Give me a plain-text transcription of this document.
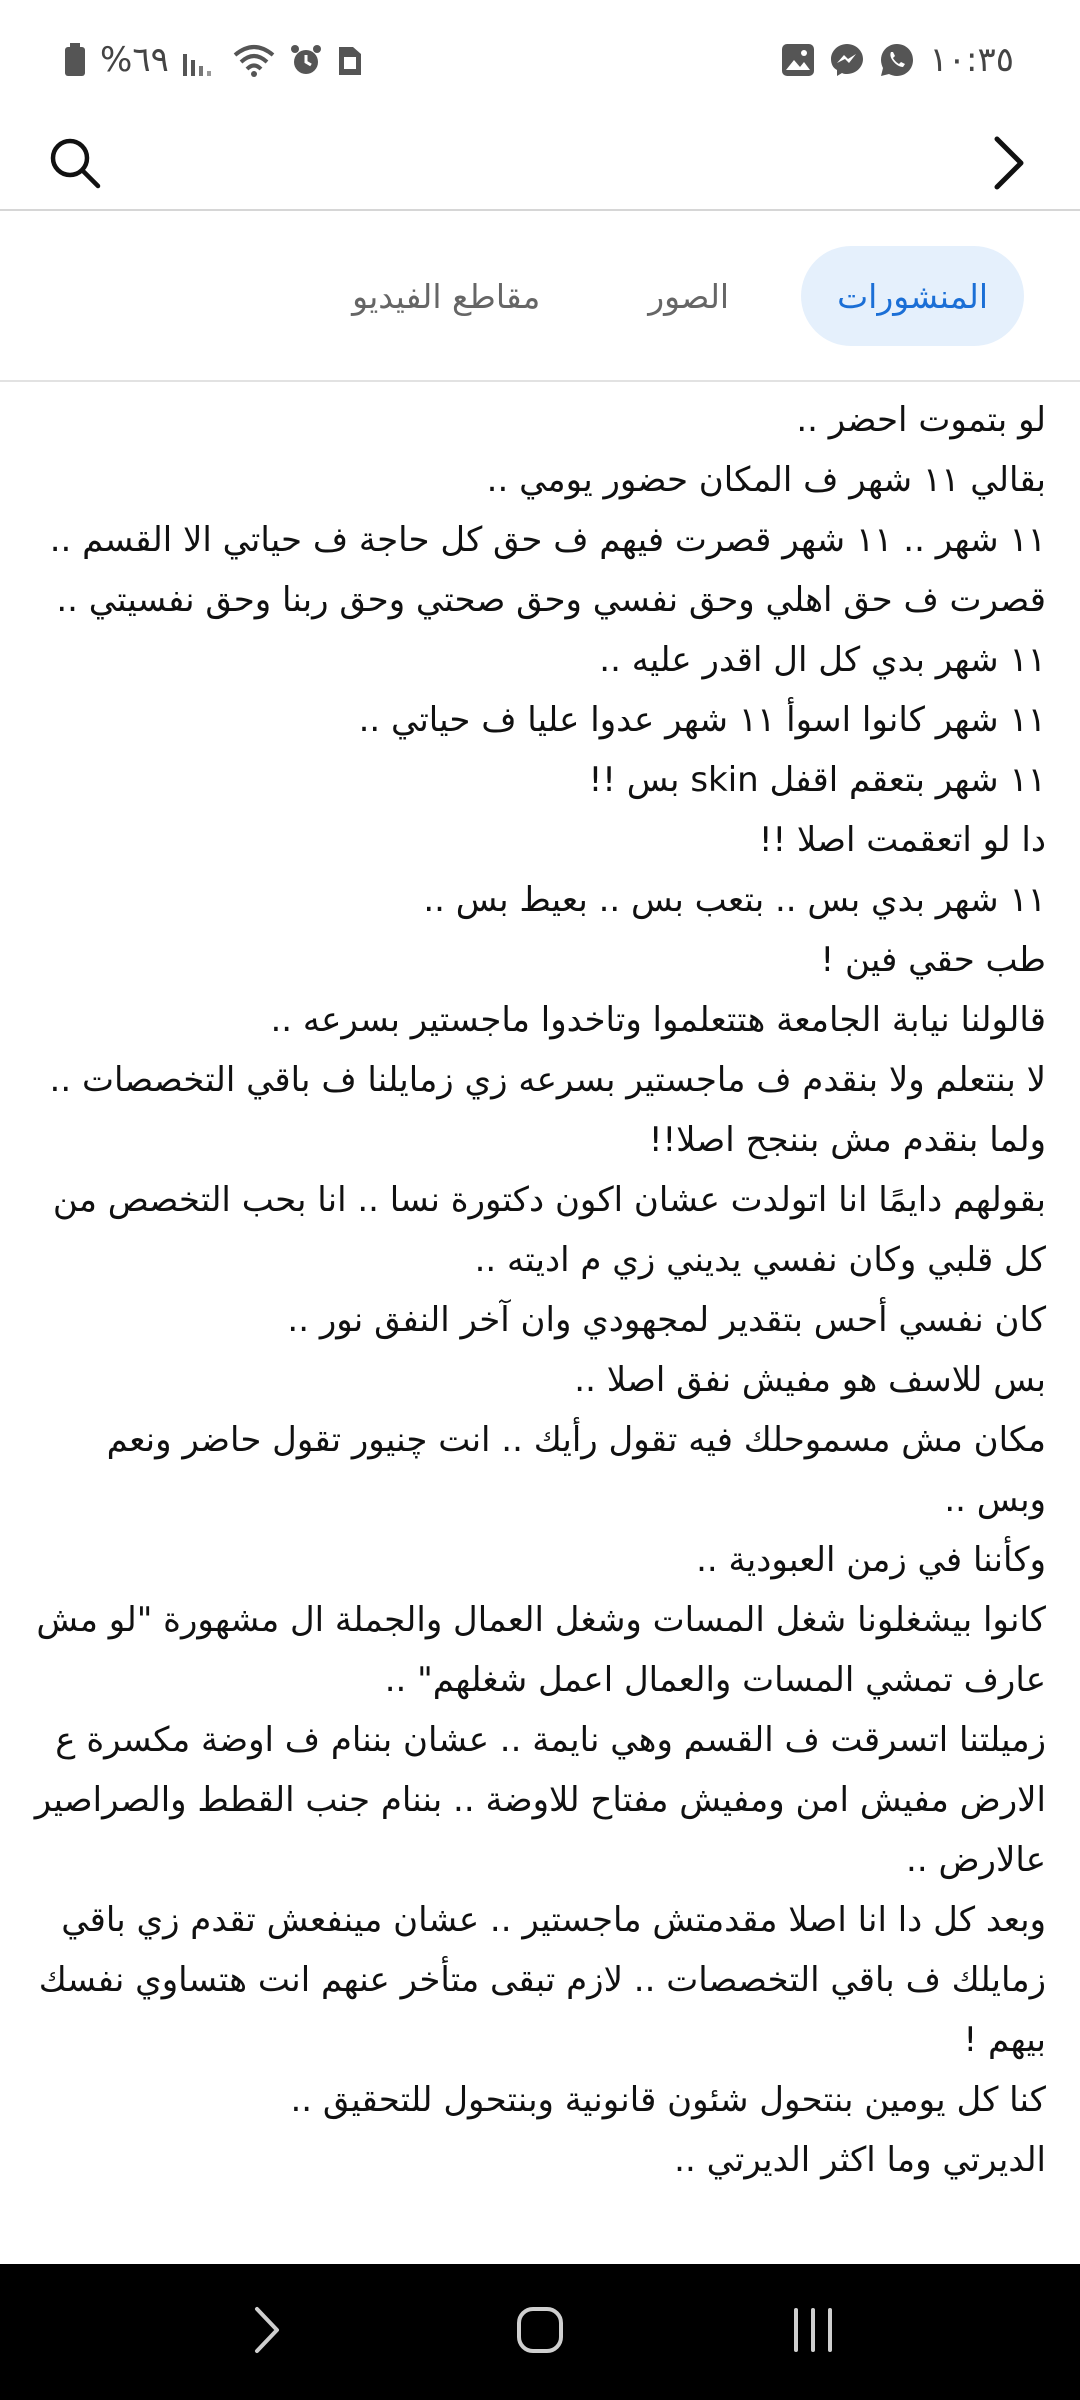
%٦٩	١٠:٣٥
المنشورات
الصور
مقاطع الفيديو
لو بتموت احضر ..
بقالي ١١ شهر ف المكان حضور يومي ..
١١ شهر .. ١١ شهر قصرت فيهم ف حق كل حاجة ف حياتي الا القسم .. قصرت ف حق اهلي وحق نفسي وحق صحتي وحق ربنا وحق نفسيتي ..
١١ شهر بدي كل ال اقدر عليه ..
١١ شهر كانوا اسوأ ١١ شهر عدوا عليا ف حياتي ..
١١ شهر بتعقم اقفل skin بس !!
دا لو اتعقمت اصلا !!
١١ شهر بدي بس .. بتعب بس .. بعيط بس ..
طب حقي فين !
قالولنا نيابة الجامعة هتتعلموا وتاخدوا ماجستير بسرعه ..
لا بنتعلم ولا بنقدم ف ماجستير بسرعه زي زمايلنا ف باقي التخصصات .. ولما بنقدم مش بننجح اصلا!!
بقولهم دايمًا انا اتولدت عشان اكون دكتورة نسا .. انا بحب التخصص من كل قلبي وكان نفسي يديني زي م اديته ..
كان نفسي أحس بتقدير لمجهودي وان آخر النفق نور ..
بس للاسف هو مفيش نفق اصلا ..
مكان مش مسموحلك فيه تقول رأيك .. انت چنيور تقول حاضر ونعم وبس ..
وكأننا في زمن العبودية ..
كانوا بيشغلونا شغل المسات وشغل العمال والجملة ال مشهورة "لو مش عارف تمشي المسات والعمال اعمل شغلهم" ..
زميلتنا اتسرقت ف القسم وهي نايمة .. عشان بننام ف اوضة مكسرة ع الارض مفيش امن ومفيش مفتاح للاوضة .. بننام جنب القطط والصراصير عالارض ..
وبعد كل دا انا اصلا مقدمتش ماجستير .. عشان مينفعش تقدم زي باقي زمايلك ف باقي التخصصات .. لازم تبقى متأخر عنهم انت هتساوي نفسك بيهم !
كنا كل يومين بنتحول شئون قانونية وبنتحول للتحقيق ..
الديرتي وما اكثر الديرتي ..
